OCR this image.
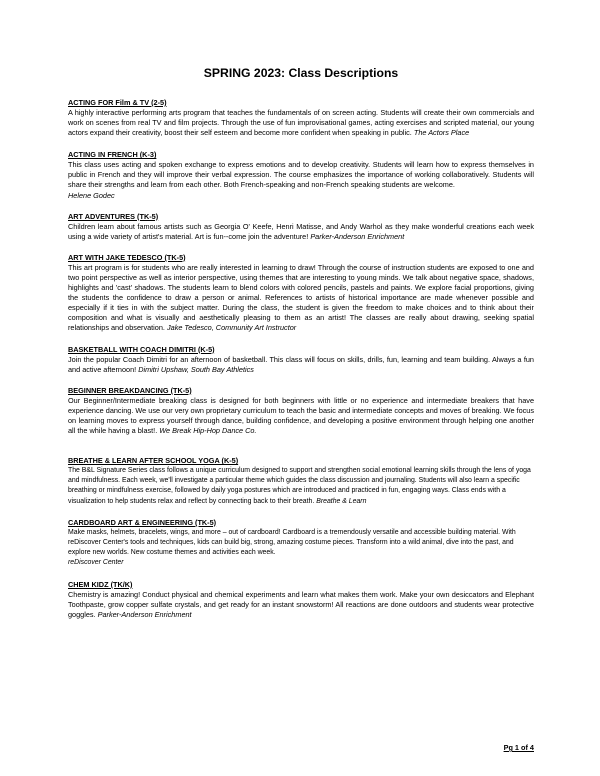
SPRING 2023: Class Descriptions
ACTING FOR Film & TV (2-5)
A highly interactive performing arts program that teaches the fundamentals of on screen acting. Students will create their own commercials and work on scenes from real TV and film projects. Through the use of fun improvisational games, acting exercises and scripted material, our young actors expand their creativity, boost their self esteem and become more confident when speaking in public. The Actors Place
ACTING IN FRENCH (K-3)
This class uses acting and spoken exchange to express emotions and to develop creativity. Students will learn how to express themselves in public in French and they will improve their verbal expression. The course emphasizes the importance of working collaboratively. Students will share their strengths and learn from each other. Both French-speaking and non-French speaking students are welcome.
Helene Godec
ART ADVENTURES (TK-5)
Children learn about famous artists such as Georgia O' Keefe, Henri Matisse, and Andy Warhol as they make wonderful creations each week using a wide variety of artist's material. Art is fun--come join the adventure! Parker-Anderson Enrichment
ART WITH JAKE TEDESCO (TK-5)
This art program is for students who are really interested in learning to draw! Through the course of instruction students are exposed to one and two point perspective as well as interior perspective, using themes that are interesting to young minds. We talk about negative space, shadows, highlights and 'cast' shadows. The students learn to blend colors with colored pencils, pastels and paints. We explore facial proportions, giving the students the confidence to draw a person or animal. References to artists of historical importance are made whenever possible and especially if it ties in with the subject matter. During the class, the student is given the freedom to make choices and to think about their composition and what is visually and aesthetically pleasing to them as an artist! The classes are really about drawing, seeking spatial relationships and observation. Jake Tedesco, Community Art Instructor
BASKETBALL WITH COACH DIMITRI (K-5)
Join the popular Coach Dimitri for an afternoon of basketball. This class will focus on skills, drills, fun, learning and team building. Always a fun and active afternoon! Dimitri Upshaw, South Bay Athletics
BEGINNER BREAKDANCING (TK-5)
Our Beginner/Intermediate breaking class is designed for both beginners with little or no experience and intermediate breakers that have experience dancing. We use our very own proprietary curriculum to teach the basic and intermediate concepts and moves of breaking. We focus on learning moves to express yourself through dance, building confidence, and developing a positive environment through helping one another all the while having a blast!. We Break Hip-Hop Dance Co.
BREATHE & LEARN AFTER SCHOOL YOGA (K-5)
The B&L Signature Series class follows a unique curriculum designed to support and strengthen social emotional learning skills through the lens of yoga and mindfulness. Each week, we'll investigate a particular theme which guides the class discussion and journaling. Students will also learn a specific breathing or mindfulness exercise, followed by daily yoga postures which are introduced and practiced in fun, engaging ways. Class ends with a visualization to help students relax and reflect by connecting back to their breath. Breathe & Learn
CARDBOARD ART & ENGINEERING (TK-5)
Make masks, helmets, bracelets, wings, and more – out of cardboard! Cardboard is a tremendously versatile and accessible building material. With reDiscover Center's tools and techniques, kids can build big, strong, amazing costume pieces. Transform into a wild animal, dive into the past, and explore new worlds. New costume themes and activities each week.
reDiscover Center
CHEM KIDZ (TK/K)
Chemistry is amazing! Conduct physical and chemical experiments and learn what makes them work. Make your own desiccators and Elephant Toothpaste, grow copper sulfate crystals, and get ready for an instant snowstorm! All reactions are done outdoors and students wear protective goggles. Parker-Anderson Enrichment
Pg 1 of 4
